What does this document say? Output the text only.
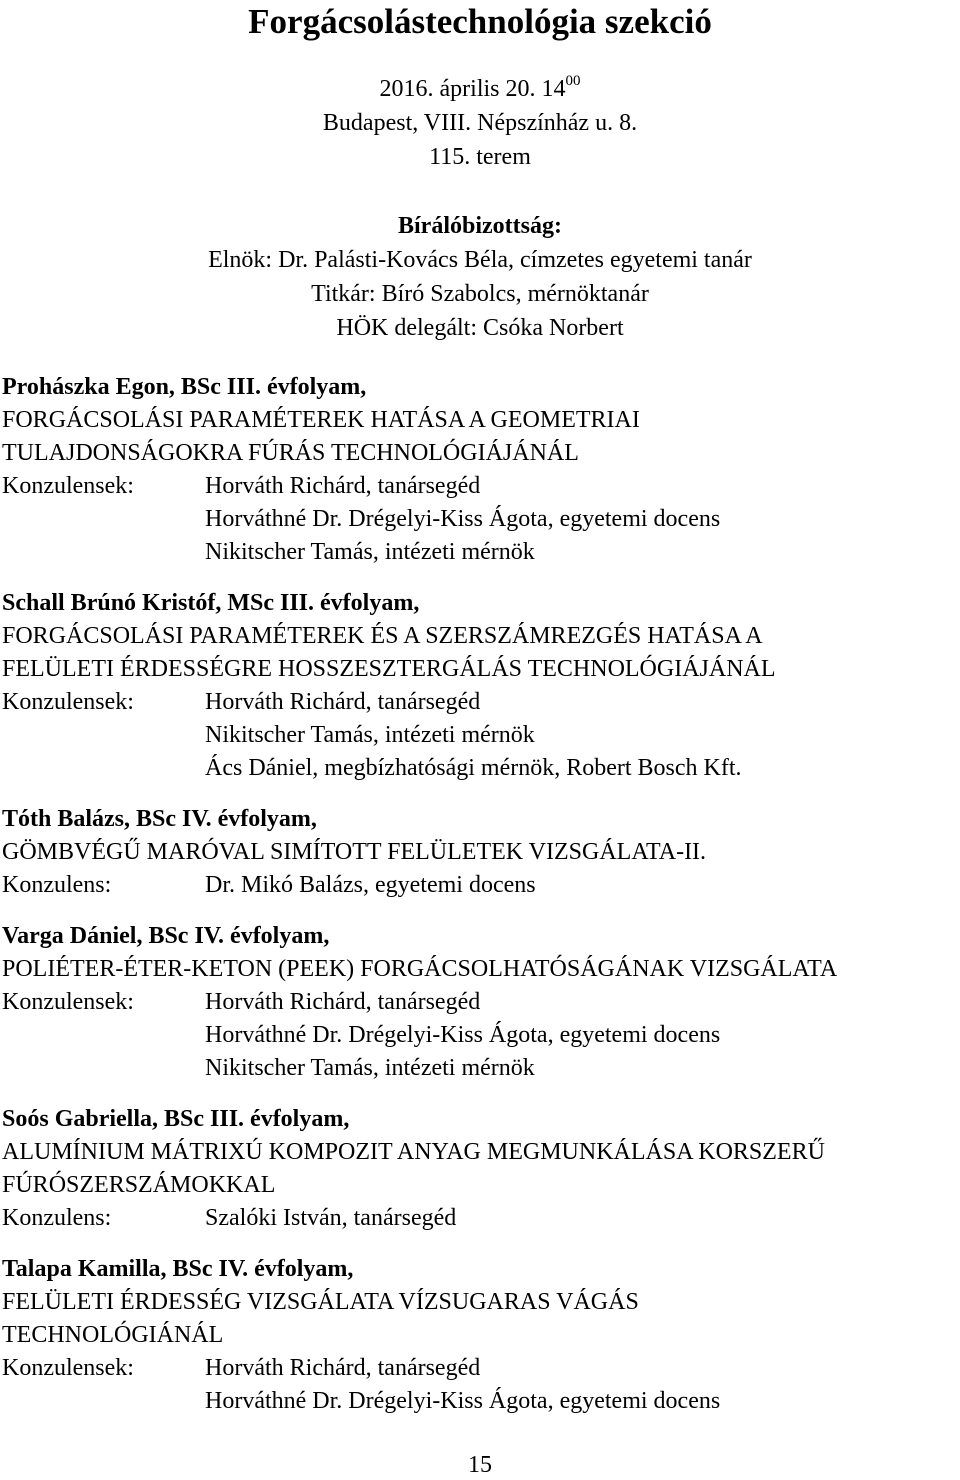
Forgácsolástechnológia szekció
2016. április 20. $14^{00}$
Budapest, VIII. Népszínház u. 8.
115. terem
Bírálóbizottság:
Elnök: Dr. Palásti-Kovács Béla, címzetes egyetemi tanár
Titkár: Bíró Szabolcs, mérnöktanár
HÖK delegált: Csóka Norbert
Prohászka Egon, BSc III. évfolyam,
FORGÁCSOLÁSI PARAMÉTEREK HATÁSA A GEOMETRIAI
TULAJDONSÁGOKRA FÚRÁS TECHNOLÓGIÁJÁNÁL
Konzulensek:	Horváth Richárd, tanársegéd
Horváthné Dr. Drégelyi-Kiss Ágota, egyetemi docens
Nikitscher Tamás, intézeti mérnök
Schall Brúnó Kristóf, MSc III. évfolyam,
FORGÁCSOLÁSI PARAMÉTEREK ÉS A SZERSZÁMREZGÉS HATÁSA A
FELÜLETI ÉRDESSÉGRE HOSSZESZTERGÁLÁS TECHNOLÓGIÁJÁNÁL
Konzulensek:	Horváth Richárd, tanársegéd
Nikitscher Tamás, intézeti mérnök
Ács Dániel, megbízhatósági mérnök, Robert Bosch Kft.
Tóth Balázs, BSc IV. évfolyam,
GÖMBVÉGŰ MARÓVAL SIMÍTOTT FELÜLETEK VIZSGÁLATA-II.
Konzulens:	Dr. Mikó Balázs, egyetemi docens
Varga Dániel, BSc IV. évfolyam,
POLIÉTER-ÉTER-KETON (PEEK) FORGÁCSOLHATÓSÁGÁNAK VIZSGÁLATA
Konzulensek:	Horváth Richárd, tanársegéd
Horváthné Dr. Drégelyi-Kiss Ágota, egyetemi docens
Nikitscher Tamás, intézeti mérnök
Soós Gabriella, BSc III. évfolyam,
ALUMÍNIUM MÁTRIXÚ KOMPOZIT ANYAG MEGMUNKÁLÁSA KORSZERŰ
FÚRÓSZERSZÁMOKKAL
Konzulens:	Szalóki István, tanársegéd
Talapa Kamilla, BSc IV. évfolyam,
FELÜLETI ÉRDESSÉG VIZSGÁLATA VÍZSUGARAS VÁGÁS
TECHNOLÓGIÁNÁL
Konzulensek:	Horváth Richárd, tanársegéd
Horváthné Dr. Drégelyi-Kiss Ágota, egyetemi docens
15
